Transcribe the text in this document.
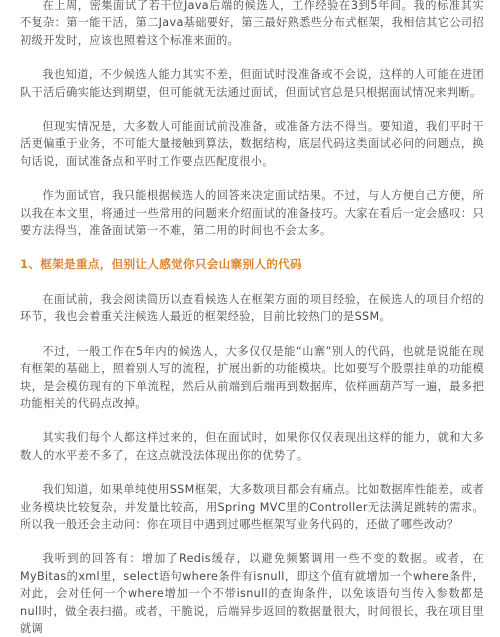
在上周，密集面试了若干位Java后端的候选人，工作经验在3到5年间。我的标准其实不复杂：第一能干活，第二Java基础要好，第三最好熟悉些分布式框架，我相信其它公司招初级开发时，应该也照着这个标准来面的。

我也知道，不少候选人能力其实不差，但面试时没准备或不会说，这样的人可能在进团队干活后确实能达到期望，但可能就无法通过面试，但面试官总是只根据面试情况来判断。

但现实情况是，大多数人可能面试前没准备，或准备方法不得当。要知道，我们平时干活更偏重于业务，不可能大量接触到算法，数据结构，底层代码这类面试必问的问题点，换句话说，面试准备点和平时工作要点匹配度很小。

作为面试官，我只能根据候选人的回答来决定面试结果。不过，与人方便自己方便，所以我在本文里，将通过一些常用的问题来介绍面试的准备技巧。大家在看后一定会感叹：只要方法得当，准备面试第一不难，第二用的时间也不会太多。

1、框架是重点，但别让人感觉你只会山寨别人的代码

在面试前，我会阅读简历以查看候选人在框架方面的项目经验，在候选人的项目介绍的环节，我也会着重关注候选人最近的框架经验，目前比较热门的是SSM。

不过，一般工作在5年内的候选人，大多仅仅是能“山寨”别人的代码，也就是说能在现有框架的基础上，照着别人写的流程，扩展出新的功能模块。比如要写个股票挂单的功能模块，是会模仿现有的下单流程，然后从前端到后端再到数据库，依样画葫芦写一遍，最多把功能相关的代码点改掉。

其实我们每个人都这样过来的，但在面试时，如果你仅仅表现出这样的能力，就和大多数人的水平差不多了，在这点就没法体现出你的优势了。

我们知道，如果单纯使用SSM框架，大多数项目都会有痛点。比如数据库性能差，或者业务模块比较复杂，并发量比较高，用Spring MVC里的Controller无法满足跳转的需求。所以我一般还会主动问：你在项目中遇到过哪些框架写业务代码的，还做了哪些改动？

我听到的回答有：增加了Redis缓存，以避免频繁调用一些不变的数据。或者，在MyBitas的xml里，select语句where条件有isnull，即这个值有就增加一个where条件，对此，会对任何一个where增加一个不带isnull的查询条件，以免该语句当传入参数都是null时，做全表扫描。或者，干脆说，后端异步返回的数据量很大，时间很长，我在项目里就调
